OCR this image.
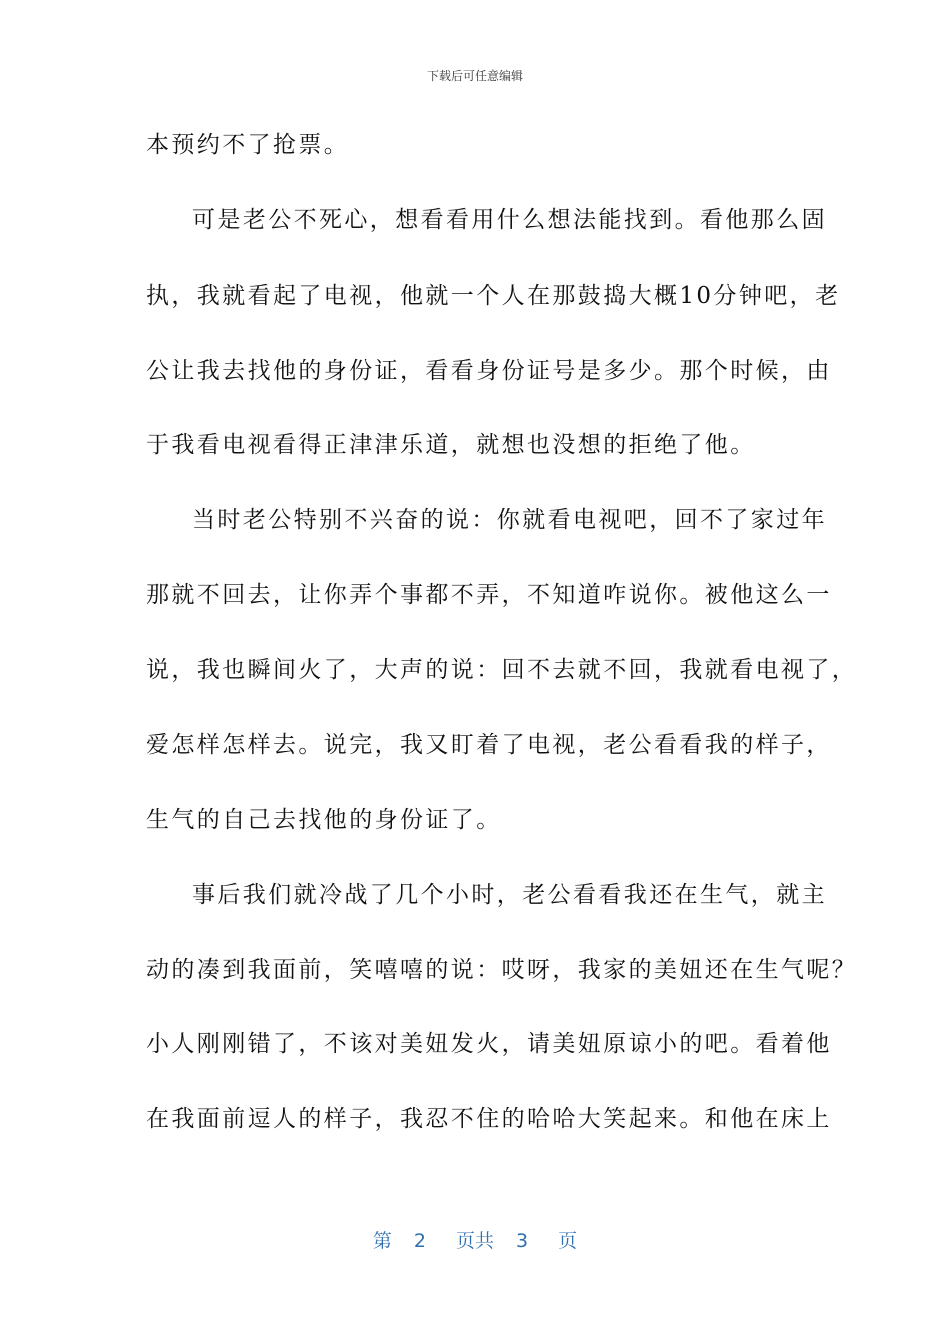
下载后可任意编辑
本预约不了抢票。
可是老公不死心，想看看用什么想法能找到。看他那么固
执，我就看起了电视，他就一个人在那鼓捣大概10分钟吧，老
公让我去找他的身份证，看看身份证号是多少。那个时候，由
于我看电视看得正津津乐道，就想也没想的拒绝了他。
当时老公特别不兴奋的说：你就看电视吧，回不了家过年
那就不回去，让你弄个事都不弄，不知道咋说你。被他这么一
说，我也瞬间火了，大声的说：回不去就不回，我就看电视了，
爱怎样怎样去。说完，我又盯着了电视，老公看看我的样子，
生气的自己去找他的身份证了。
事后我们就冷战了几个小时，老公看看我还在生气，就主
动的凑到我面前，笑嘻嘻的说：哎呀，我家的美妞还在生气呢？
小人刚刚错了，不该对美妞发火，请美妞原谅小的吧。看着他
在我面前逗人的样子，我忍不住的哈哈大笑起来。和他在床上
第 2 页共 3 页
